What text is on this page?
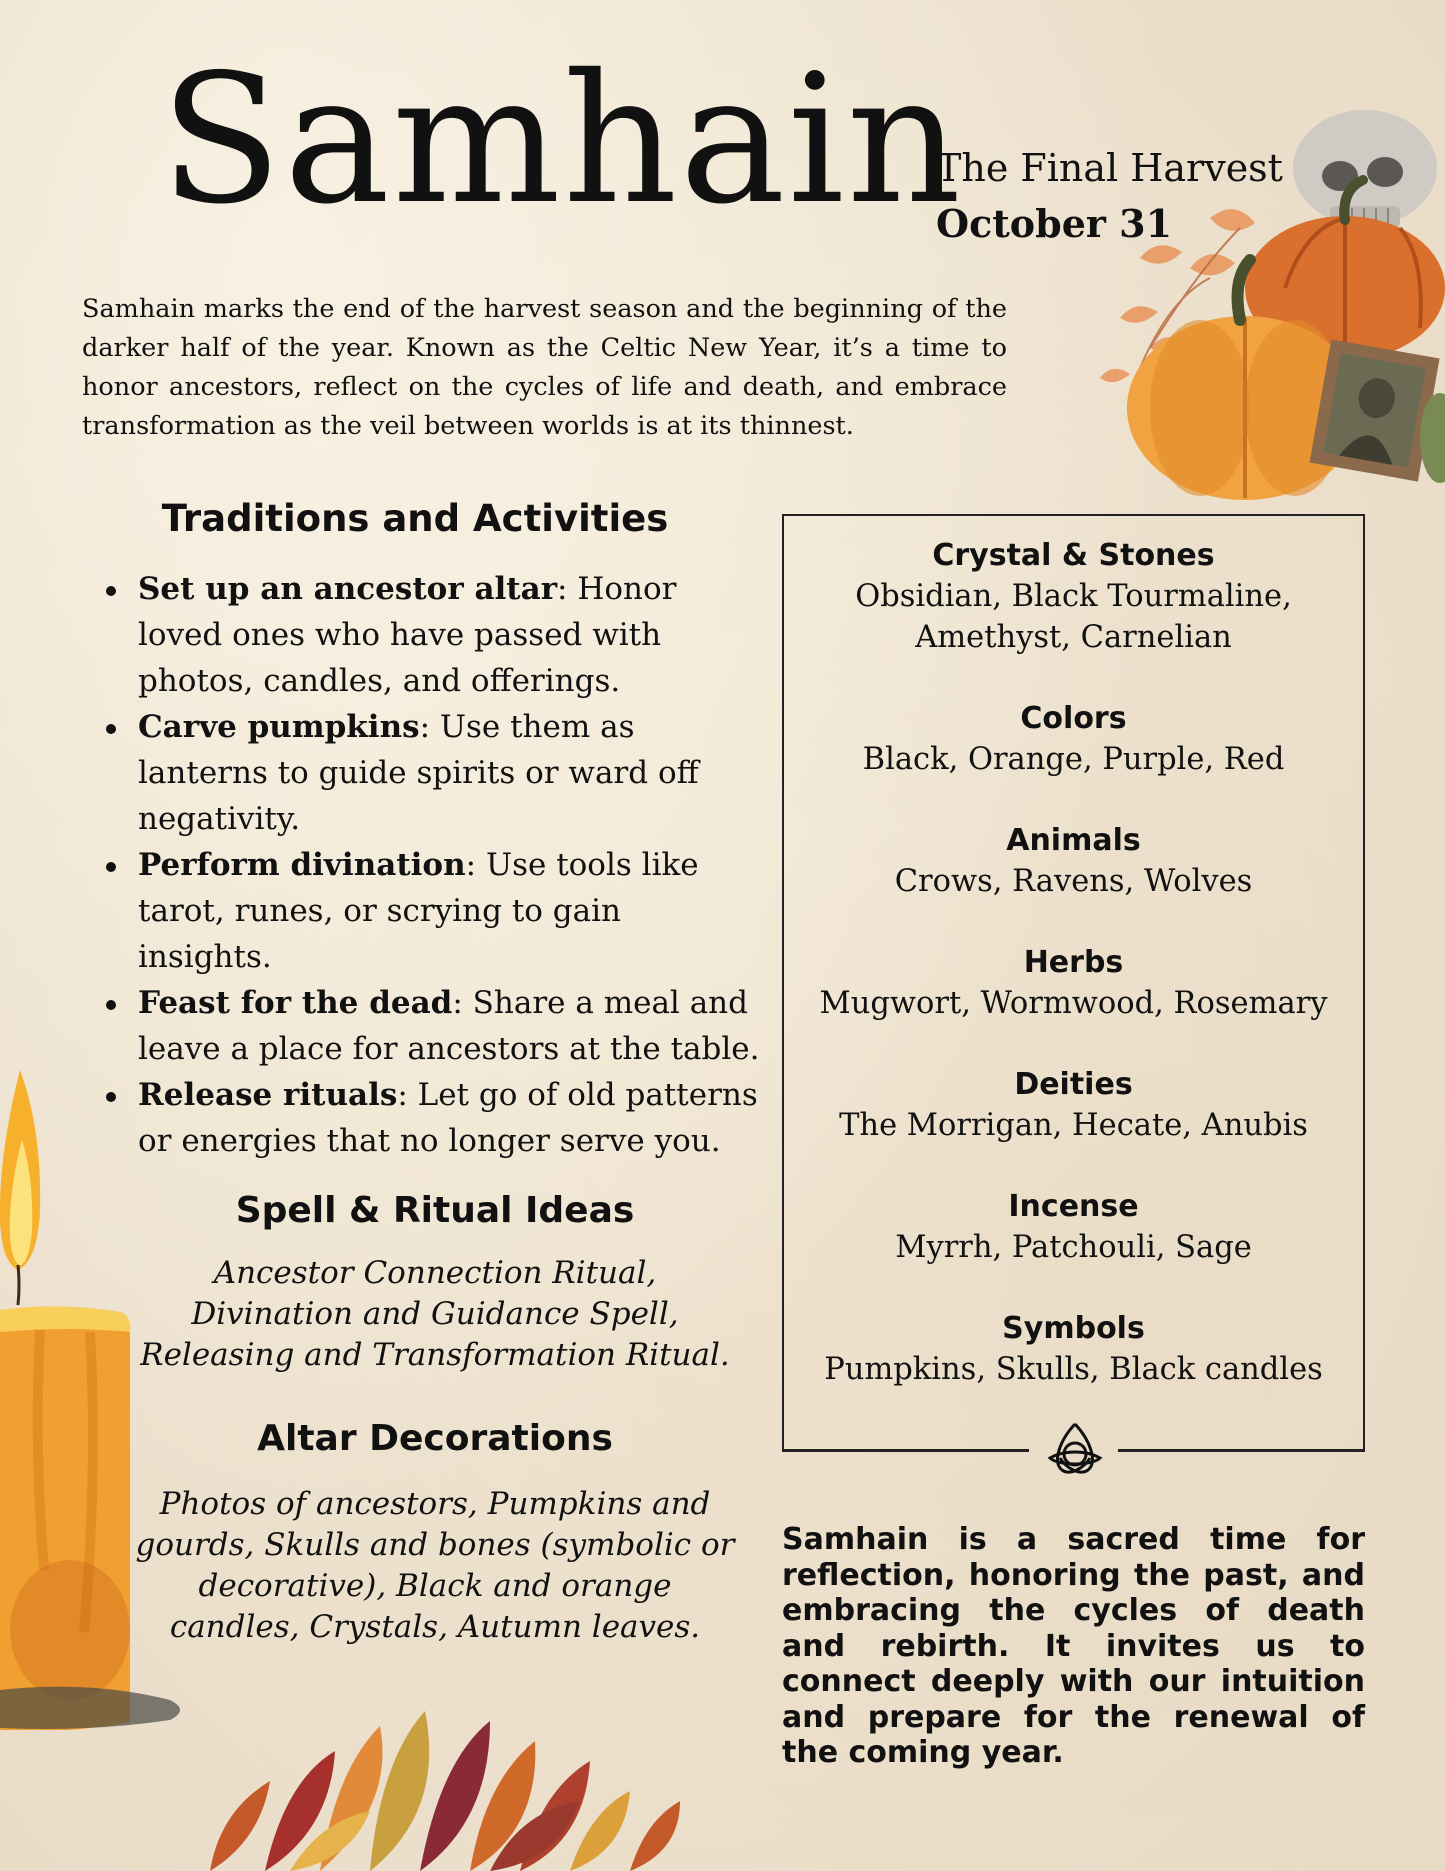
Samhain
The Final Harvest
October 31

Samhain marks the end of the harvest season and the beginning of the darker half of the year. Known as the Celtic New Year, it’s a time to honor ancestors, reflect on the cycles of life and death, and embrace transformation as the veil between worlds is at its thinnest.

Traditions and Activities
Set up an ancestor altar: Honor loved ones who have passed with photos, candles, and offerings.
Carve pumpkins: Use them as lanterns to guide spirits or ward off negativity.
Perform divination: Use tools like tarot, runes, or scrying to gain insights.
Feast for the dead: Share a meal and leave a place for ancestors at the table.
Release rituals: Let go of old patterns or energies that no longer serve you.
Spell & Ritual Ideas

Ancestor Connection Ritual, Divination and Guidance Spell, Releasing and Transformation Ritual.

Altar Decorations

Photos of ancestors, Pumpkins and gourds, Skulls and bones (symbolic or decorative), Black and orange candles, Crystals, Autumn leaves.

Crystal & Stones
Obsidian, Black Tourmaline, Amethyst, Carnelian
Colors
Black, Orange, Purple, Red
Animals
Crows, Ravens, Wolves
Herbs
Mugwort, Wormwood, Rosemary
Deities
The Morrigan, Hecate, Anubis
Incense
Myrrh, Patchouli, Sage
Symbols
Pumpkins, Skulls, Black candles

Samhain is a sacred time for reflection, honoring the past, and embracing the cycles of death and rebirth. It invites us to connect deeply with our intuition and prepare for the renewal of the coming year.
